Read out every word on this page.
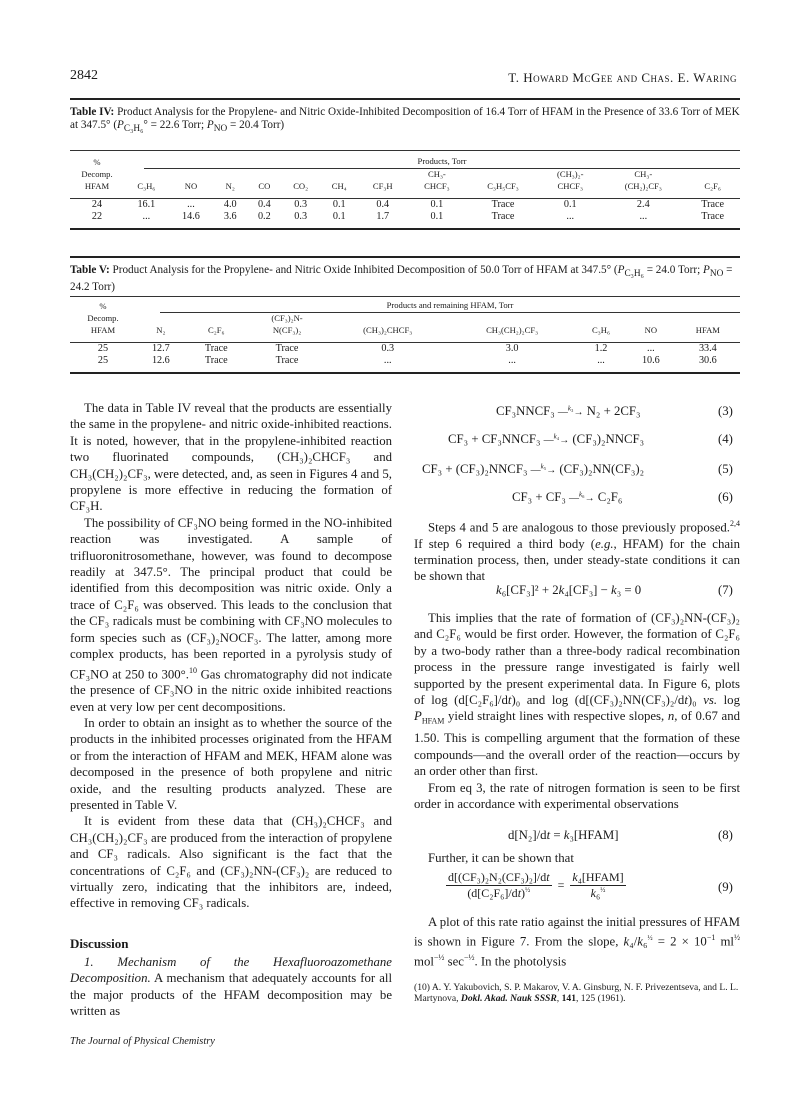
2842	T. Howard McGee and Chas. E. Waring
Table IV: Product Analysis for the Propylene- and Nitric Oxide-Inhibited Decomposition of 16.4 Torr of HFAM in the Presence of 33.6 Torr of MEK at 347.5° ($P_{C_3H_6}^\circ = 22.6$ Torr; $P_{NO} = 20.4$ Torr)
Products, Torr
%
Decomp.
HFAM	C₃H₆	NO	N₂	CO	CO₂	CH₄	CF₃H	CH₃-
CHCF₃	C₃H₅CF₃	(CH₃)₂-
CHCF₃	CH₃-
(CH₂)₂CF₃	C₂F₆

24	16.1	...	4.0	0.4	0.3	0.1	0.4	0.1	Trace	0.1	2.4	Trace
22	...	14.6	3.6	0.2	0.3	0.1	1.7	0.1	Trace	...	...	Trace
Table V: Product Analysis for the Propylene- and Nitric Oxide Inhibited Decomposition of 50.0 Torr of HFAM at 347.5° ($P_{C_3H_6} = 24.0$ Torr; $P_{NO} = 24.2$ Torr)
Products and remaining HFAM, Torr
%
Decomp.
HFAM	N₂	C₂F₆	(CF₃)₂N-
N(CF₃)₂	(CH₃)₂CHCF₃	CH₃(CH₂)₂CF₃	C₃H₆	NO	HFAM

25	12.7	Trace	Trace	0.3	3.0	1.2	...	33.4
25	12.6	Trace	Trace	...	...	...	10.6	30.6

The data in Table IV reveal that the products are essentially the same in the propylene- and nitric oxide-inhibited reactions. It is noted, however, that in the propylene-inhibited reaction two fluorinated compounds, (CH₃)₂CHCF₃ and CH₃(CH₂)₂CF₃, were detected, and, as seen in Figures 4 and 5, propylene is more effective in reducing the formation of CF₃H.

The possibility of CF₃NO being formed in the NO-inhibited reaction was investigated. A sample of trifluoronitrosomethane, however, was found to decompose readily at 347.5°. The principal product that could be identified from this decomposition was nitric oxide. Only a trace of C₂F₆ was observed. This leads to the conclusion that the CF₃ radicals must be combining with CF₃NO molecules to form species such as (CF₃)₂NOCF₃. The latter, among more complex products, has been reported in a pyrolysis study of CF₃NO at 250 to 300°.$^{10}$ Gas chromatography did not indicate the presence of CF₃NO in the nitric oxide inhibited reactions even at very low per cent decompositions.

In order to obtain an insight as to whether the source of the products in the inhibited processes originated from the HFAM or from the interaction of HFAM and MEK, HFAM alone was decomposed in the presence of both propylene and nitric oxide, and the resulting products analyzed. These are presented in Table V.

It is evident from these data that (CH₃)₂CHCF₃ and CH₃(CH₂)₂CF₃ are produced from the interaction of propylene and CF₃ radicals. Also significant is the fact that the concentrations of C₂F₆ and (CF₃)₂NN-(CF₃)₂ are reduced to virtually zero, indicating that the inhibitors are, indeed, effective in removing CF₃ radicals.

Discussion

1. Mechanism of the Hexafluoroazomethane Decomposition. A mechanism that adequately accounts for all the major products of the HFAM decomposition may be written as

CF₃NNCF₃ —$^{k_3}$→ N₂ + 2CF₃	(3)
CF₃ + CF₃NNCF₃ —$^{k_4}$→ (CF₃)₂NNCF₃	(4)
CF₃ + (CF₃)₂NNCF₃ —$^{k_5}$→ (CF₃)₂NN(CF₃)₂	(5)
CF₃ + CF₃ —$^{k_6}$→ C₂F₆	(6)

Steps 4 and 5 are analogous to those previously proposed.$^{2,4}$ If step 6 required a third body (e.g., HFAM) for the chain termination process, then, under steady-state conditions it can be shown that

k₆[CF₃]² + 2k₄[CF₃] − k₃ = 0	(7)

This implies that the rate of formation of (CF₃)₂NN-(CF₃)₂ and C₂F₆ would be first order. However, the formation of C₂F₆ by a two-body rather than a three-body radical recombination process in the pressure range investigated is fairly well supported by the present experimental data. In Figure 6, plots of log (d[C₂F₆]/dt)₀ and log (d[(CF₃)₂NN(CF₃)₂/dt)₀ vs. $\log P_{HFAM}$ yield straight lines with respective slopes, n, of 0.67 and 1.50. This is compelling argument that the formation of these compounds—and the overall order of the reaction—occurs by an order other than first.

From eq 3, the rate of nitrogen formation is seen to be first order in accordance with experimental observations

d[N₂]/dt = k₃[HFAM]	(8)

Further, it can be shown that

$\frac{\text{d[(CF₃)₂N₂(CF₃)₂]/dt}}{(d[C_2F_6]/dt)^{\frac{1}{2}}}$ =
k₄[HFAM]
k₆$^{\frac{1}{2}}$	(9)

A plot of this rate ratio against the initial pressures of HFAM is shown in Figure 7. From the slope, $k_4/k_6^{\frac{1}{2}} = 2 \times 10^{-1}$ $ml^{\frac{1}{2}}$ mol$^{-\frac{1}{2}}$ $\sec^{-\frac{1}{2}}$. In the photolysis

(10) A. Y. Yakubovich, S. P. Makarov, V. A. Ginsburg, N. F. Privezentseva, and L. L. Martynova, Dokl. Akad. Nauk SSSR, 141, 125 (1961).
The Journal of Physical Chemistry
